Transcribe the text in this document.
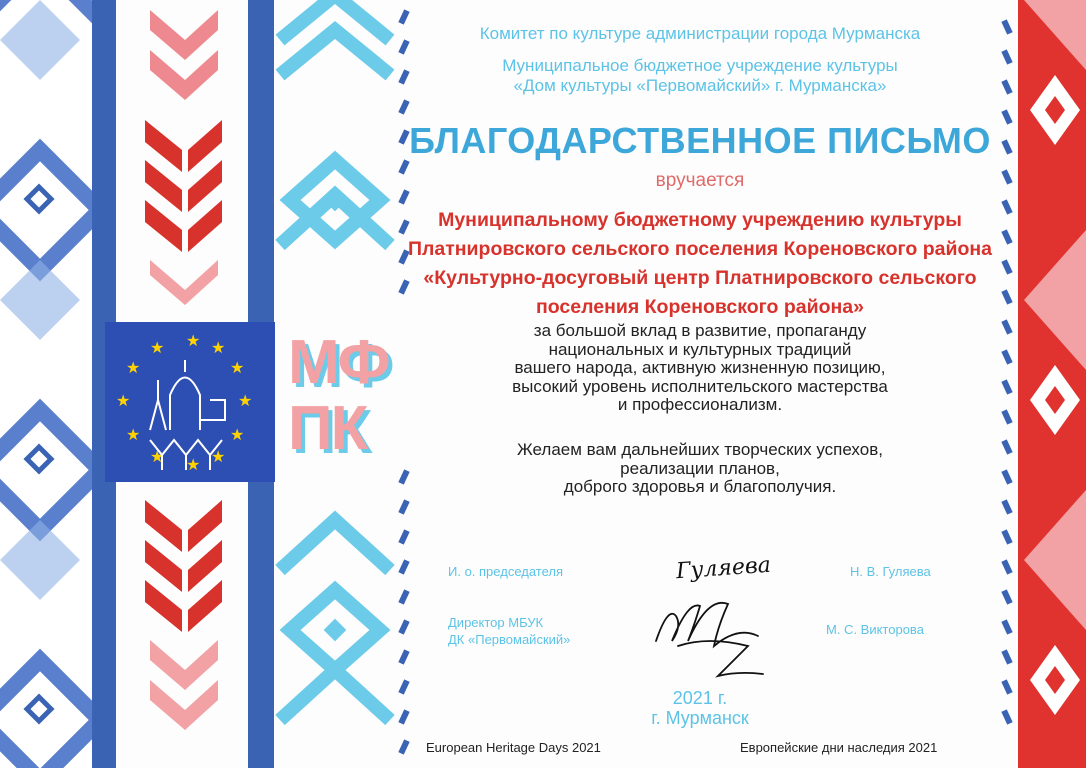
★ ★
★
★
★
★
★
★
★
★
★
★ МФ
ПК
Комитет по культуре администрации города Мурманска
Муниципальное бюджетное учреждение культуры
«Дом культуры «Первомайский» г. Мурманска»
БЛАГОДАРСТВЕННОЕ ПИСЬМО
вручается
Муниципальному бюджетному учреждению культуры
Платнировского сельского поселения Кореновского района
«Культурно-досуговый центр Платнировского сельского
поселения Кореновского района»
за большой вклад в развитие, пропаганду
национальных и культурных традиций
вашего народа, активную жизненную позицию,
высокий уровень исполнительского мастерства
и профессионализм.
Желаем вам дальнейших творческих успехов,
реализации планов,
доброго здоровья и благополучия.
И. о. председателя	Н. В. Гуляева
Директор МБУК
ДК «Первомайский»
М. С. Викторова
Гуляева
2021 г.
г. Мурманск
European Heritage Days 2021	Европейские дни наследия 2021
